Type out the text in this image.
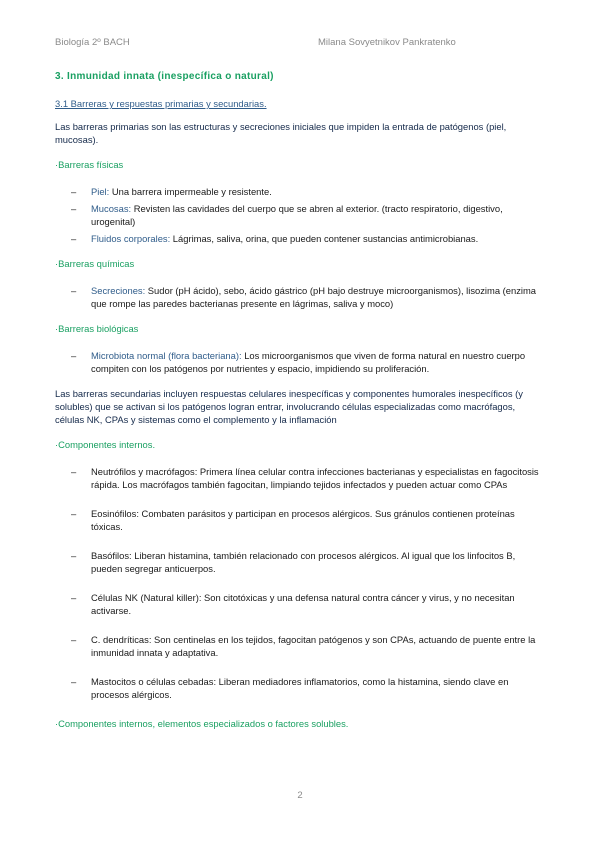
Biología 2º BACH	Milana Sovyetnikov Pankratenko
3. Inmunidad innata (inespecífica o natural)
3.1 Barreras y respuestas primarias y secundarias.
Las barreras primarias son las estructuras y secreciones iniciales que impiden la entrada de patógenos (piel, mucosas).
·Barreras físicas
– Piel: Una barrera impermeable y resistente.
– Mucosas: Revisten las cavidades del cuerpo que se abren al exterior. (tracto respiratorio, digestivo, urogenital)
– Fluidos corporales: Lágrimas, saliva, orina, que pueden contener sustancias antimicrobianas.
·Barreras químicas
– Secreciones: Sudor (pH ácido), sebo, ácido gástrico (pH bajo destruye microorganismos), lisozima (enzima que rompe las paredes bacterianas presente en lágrimas, saliva y moco)
·Barreras biológicas
– Microbiota normal (flora bacteriana): Los microorganismos que viven de forma natural en nuestro cuerpo compiten con los patógenos por nutrientes y espacio, impidiendo su proliferación.
Las barreras secundarias incluyen respuestas celulares inespecíficas y componentes humorales inespecíficos (y solubles) que se activan si los patógenos logran entrar, involucrando células especializadas como macrófagos, células NK, CPAs y sistemas como el complemento y la inflamación
·Componentes internos.
– Neutrófilos y macrófagos: Primera línea celular contra infecciones bacterianas y especialistas en fagocitosis rápida. Los macrófagos también fagocitan, limpiando tejidos infectados y pueden actuar como CPAs
– Eosinófilos: Combaten parásitos y participan en procesos alérgicos. Sus gránulos contienen proteínas tóxicas.
– Basófilos: Liberan histamina, también relacionado con procesos alérgicos. Al igual que los linfocitos B, pueden segregar anticuerpos.
– Células NK (Natural killer): Son citotóxicas y una defensa natural contra cáncer y virus, y no necesitan activarse.
– C. dendríticas: Son centinelas en los tejidos, fagocitan patógenos y son CPAs, actuando de puente entre la inmunidad innata y adaptativa.
– Mastocitos o células cebadas: Liberan mediadores inflamatorios, como la histamina, siendo clave en procesos alérgicos.
·Componentes internos, elementos especializados o factores solubles.
2
